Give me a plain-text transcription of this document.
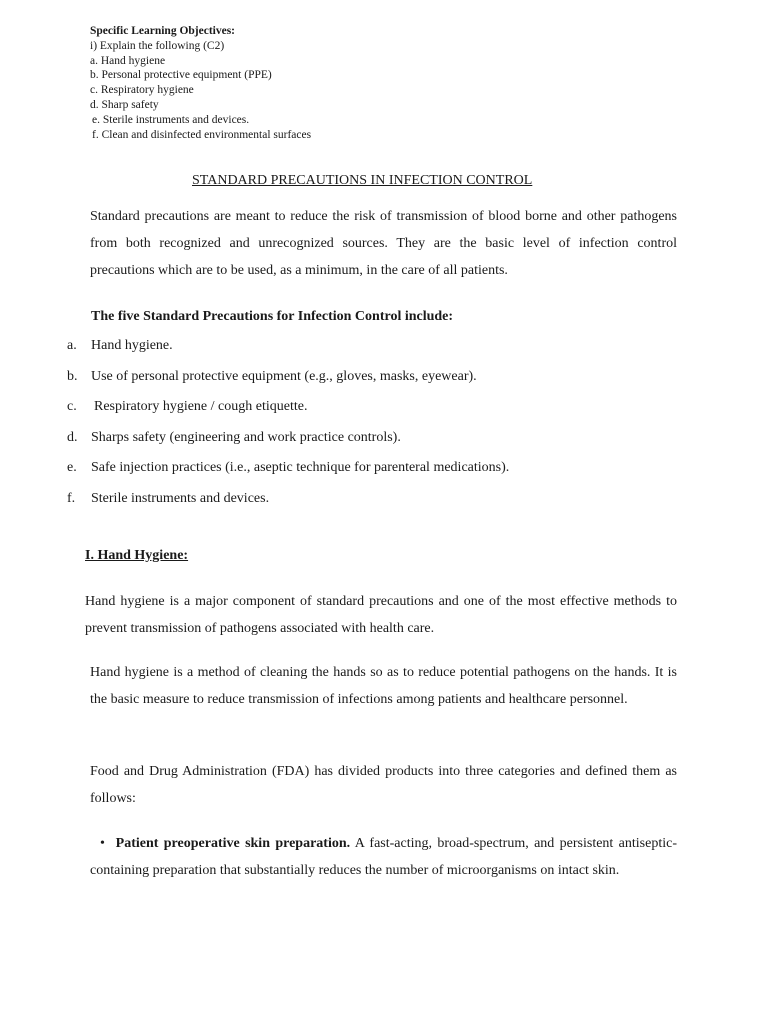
Specific Learning Objectives:
i) Explain the following (C2)
a. Hand hygiene
b. Personal protective equipment (PPE)
c. Respiratory hygiene
d. Sharp safety
e. Sterile instruments and devices.
f. Clean and disinfected environmental surfaces
STANDARD PRECAUTIONS IN INFECTION CONTROL

Standard precautions are meant to reduce the risk of transmission of blood borne and other pathogens from both recognized and unrecognized sources. They are the basic level of infection control precautions which are to be used, as a minimum, in the care of all patients.

The five Standard Precautions for Infection Control include:
a. Hand hygiene.
b. Use of personal protective equipment (e.g., gloves, masks, eyewear).
c. Respiratory hygiene / cough etiquette.
d. Sharps safety (engineering and work practice controls).
e. Safe injection practices (i.e., aseptic technique for parenteral medications).
f. Sterile instruments and devices.
I. Hand Hygiene:

Hand hygiene is a major component of standard precautions and one of the most effective methods to prevent transmission of pathogens associated with health care.

Hand hygiene is a method of cleaning the hands so as to reduce potential pathogens on the hands. It is the basic measure to reduce transmission of infections among patients and healthcare personnel.

Food and Drug Administration (FDA) has divided products into three categories and defined them as follows:

• Patient preoperative skin preparation. A fast-acting, broad-spectrum, and persistent antiseptic-containing preparation that substantially reduces the number of microorganisms on intact skin.
